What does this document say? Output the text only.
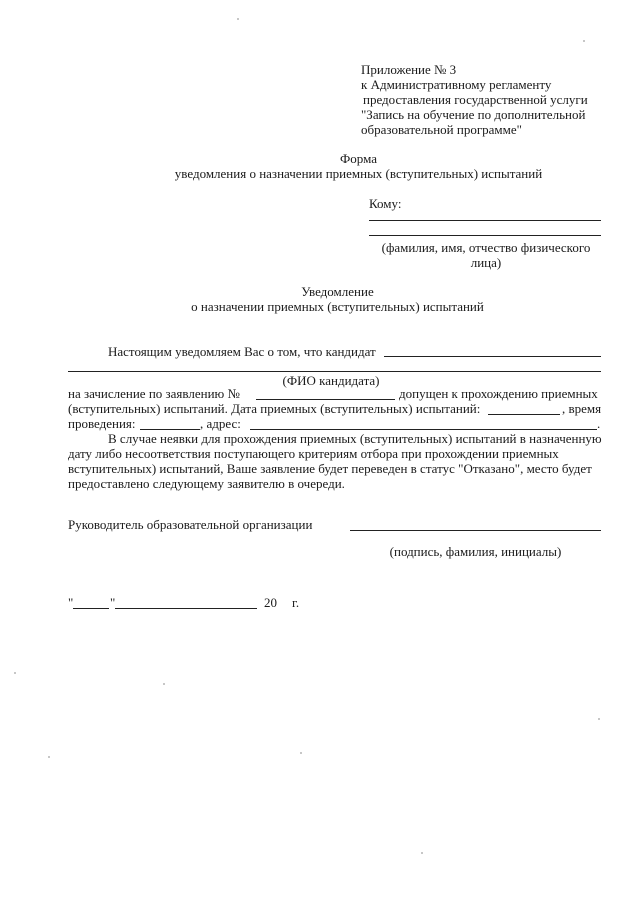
Приложение № 3
к Административному регламенту
предоставления государственной услуги
"Запись на обучение по дополнительной
образовательной программе"
Форма
уведомления о назначении приемных (вступительных) испытаний
Кому:
(фамилия, имя, отчество физического
лица)
Уведомление
о назначении приемных (вступительных) испытаний
Настоящим уведомляем Вас о том, что кандидат
(ФИО кандидата)
на зачисление по заявлению №	допущен к прохождению приемных
(вступительных) испытаний. Дата приемных (вступительных) испытаний:	, время
проведения:	, адрес:	.
В случае неявки для прохождения приемных (вступительных) испытаний в назначенную
дату либо несоответствия поступающего критериям отбора при прохождении приемных
вступительных) испытаний, Ваше заявление будет переведен в статус "Отказано", место будет
предоставлено следующему заявителю в очереди.
Руководитель образовательной организации
(подпись, фамилия, инициалы)
"	"	20 г.
